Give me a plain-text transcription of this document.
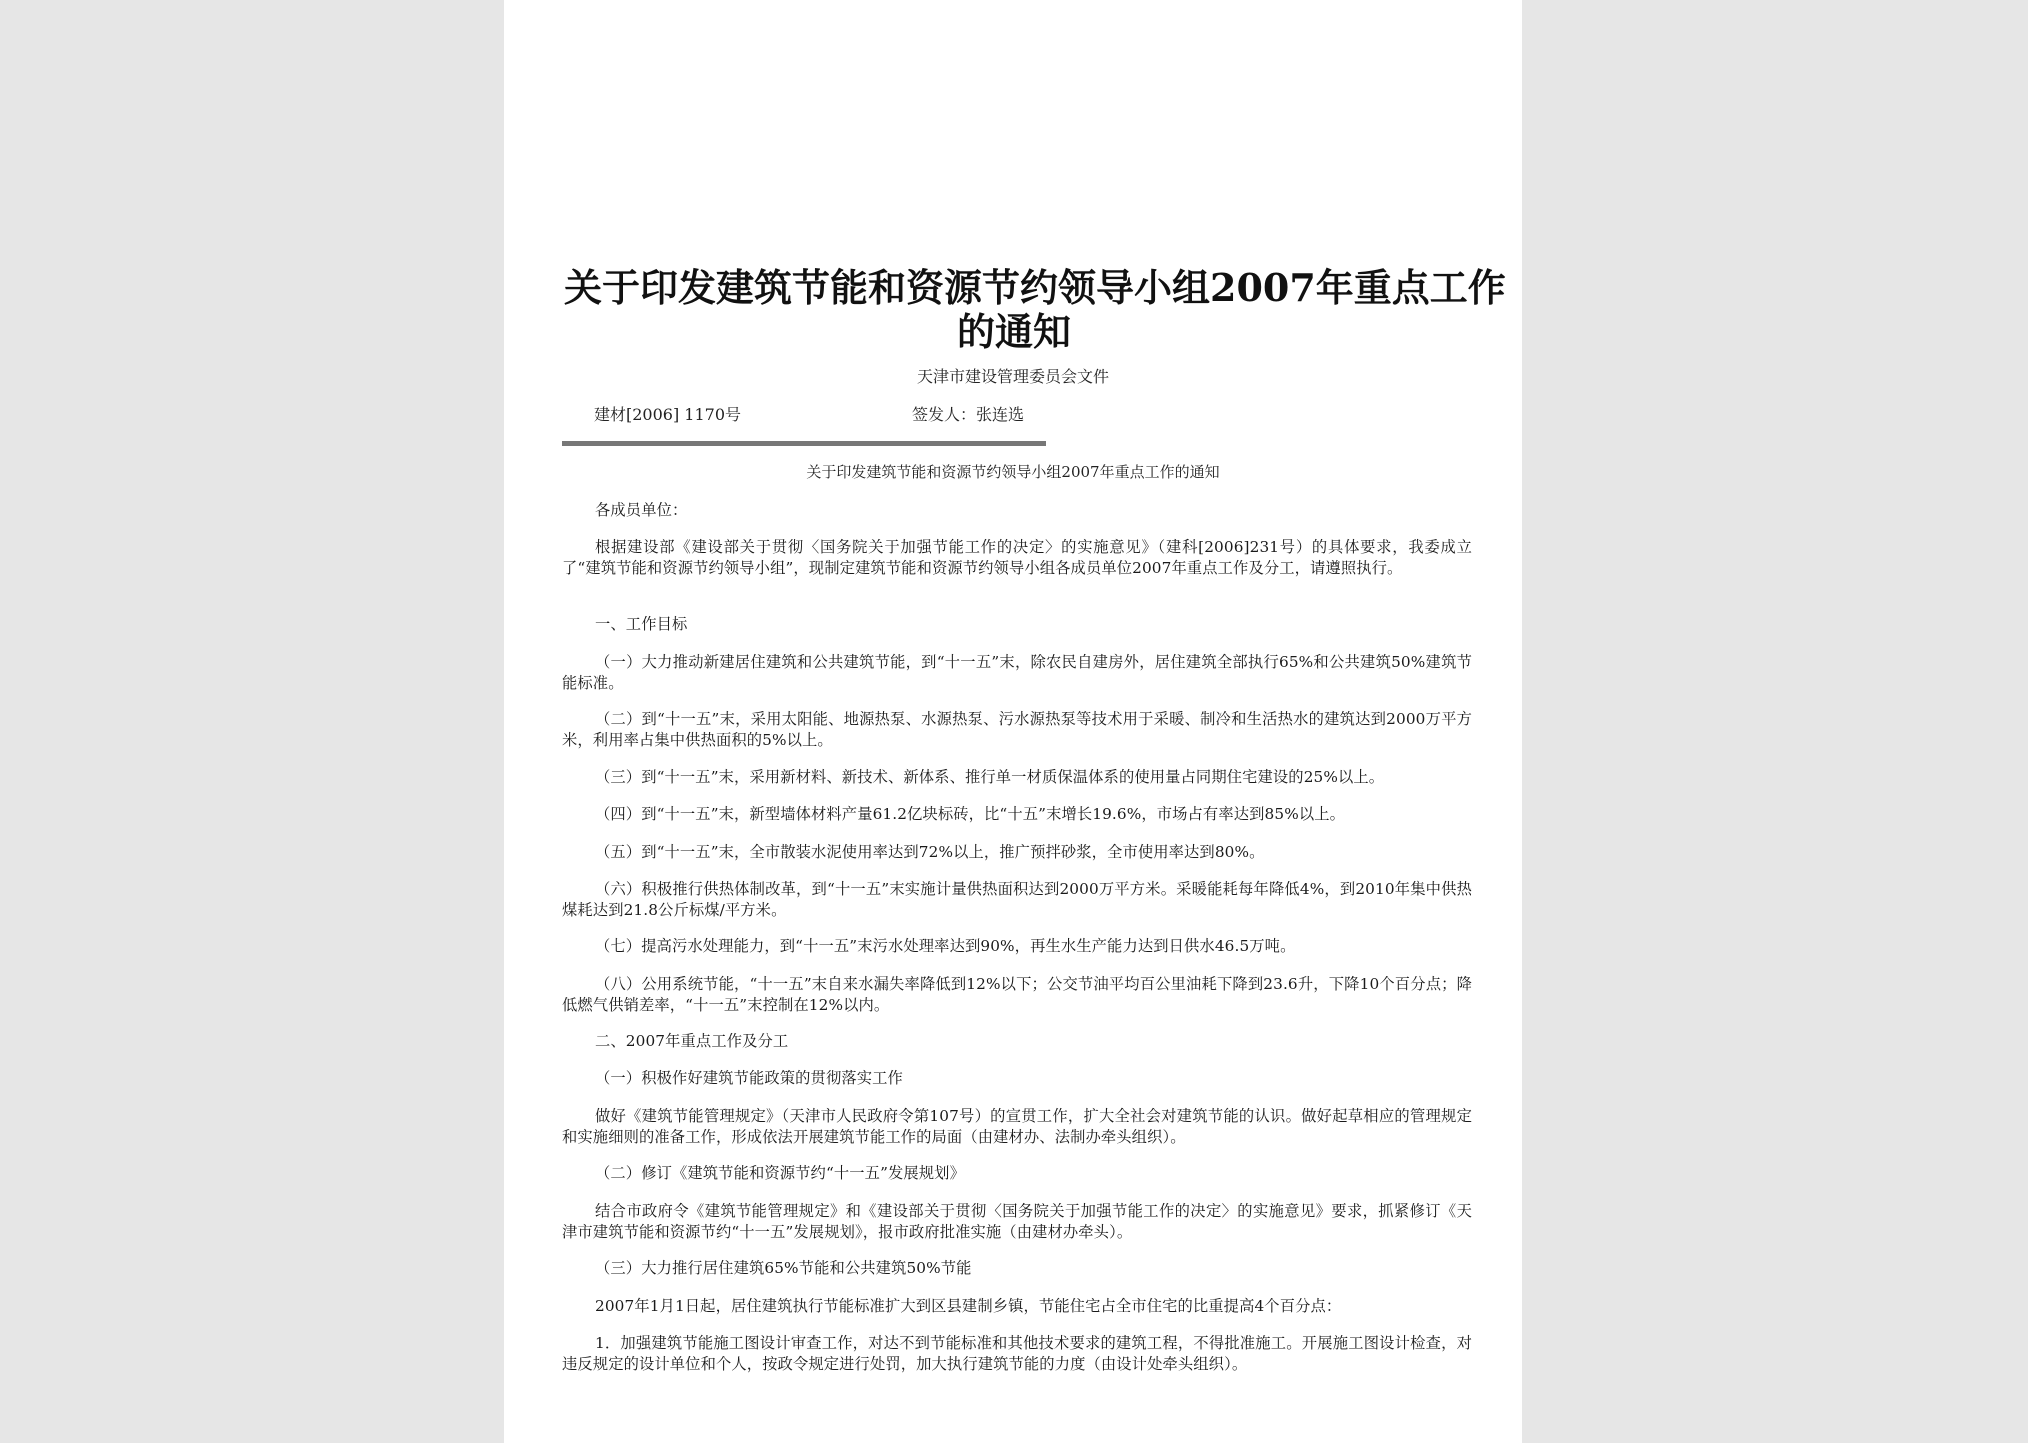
关于印发建筑节能和资源节约领导小组2007年重点工作
的通知
天津市建设管理委员会文件
建材[2006] 1170号	签发人：张连选
关于印发建筑节能和资源节约领导小组2007年重点工作的通知
各成员单位：
根据建设部《建设部关于贯彻〈国务院关于加强节能工作的决定〉的实施意见》（建科[2006]231号）的具体要求，我委成立了“建筑节能和资源节约领导小组”，现制定建筑节能和资源节约领导小组各成员单位2007年重点工作及分工，请遵照执行。
一、工作目标
（一）大力推动新建居住建筑和公共建筑节能，到“十一五”末，除农民自建房外，居住建筑全部执行65%和公共建筑50%建筑节能标准。
（二）到“十一五”末，采用太阳能、地源热泵、水源热泵、污水源热泵等技术用于采暖、制冷和生活热水的建筑达到2000万平方米，利用率占集中供热面积的5%以上。
（三）到“十一五”末，采用新材料、新技术、新体系、推行单一材质保温体系的使用量占同期住宅建设的25%以上。
（四）到“十一五”末，新型墙体材料产量61.2亿块标砖，比“十五”末增长19.6%，市场占有率达到85%以上。
（五）到“十一五”末，全市散装水泥使用率达到72%以上，推广预拌砂浆，全市使用率达到80%。
（六）积极推行供热体制改革，到“十一五”末实施计量供热面积达到2000万平方米。采暖能耗每年降低4%，到2010年集中供热煤耗达到21.8公斤标煤/平方米。
（七）提高污水处理能力，到“十一五”末污水处理率达到90%，再生水生产能力达到日供水46.5万吨。
（八）公用系统节能，“十一五”末自来水漏失率降低到12%以下；公交节油平均百公里油耗下降到23.6升，下降10个百分点；降低燃气供销差率，“十一五”末控制在12%以内。
二、2007年重点工作及分工
（一）积极作好建筑节能政策的贯彻落实工作
做好《建筑节能管理规定》（天津市人民政府令第107号）的宣贯工作，扩大全社会对建筑节能的认识。做好起草相应的管理规定和实施细则的准备工作，形成依法开展建筑节能工作的局面（由建材办、法制办牵头组织）。
（二）修订《建筑节能和资源节约“十一五”发展规划》
结合市政府令《建筑节能管理规定》和《建设部关于贯彻〈国务院关于加强节能工作的决定〉的实施意见》要求，抓紧修订《天津市建筑节能和资源节约“十一五”发展规划》，报市政府批准实施（由建材办牵头）。
（三）大力推行居住建筑65%节能和公共建筑50%节能
2007年1月1日起，居住建筑执行节能标准扩大到区县建制乡镇，节能住宅占全市住宅的比重提高4个百分点：
1．加强建筑节能施工图设计审查工作，对达不到节能标准和其他技术要求的建筑工程，不得批准施工。开展施工图设计检查，对违反规定的设计单位和个人，按政令规定进行处罚，加大执行建筑节能的力度（由设计处牵头组织）。
